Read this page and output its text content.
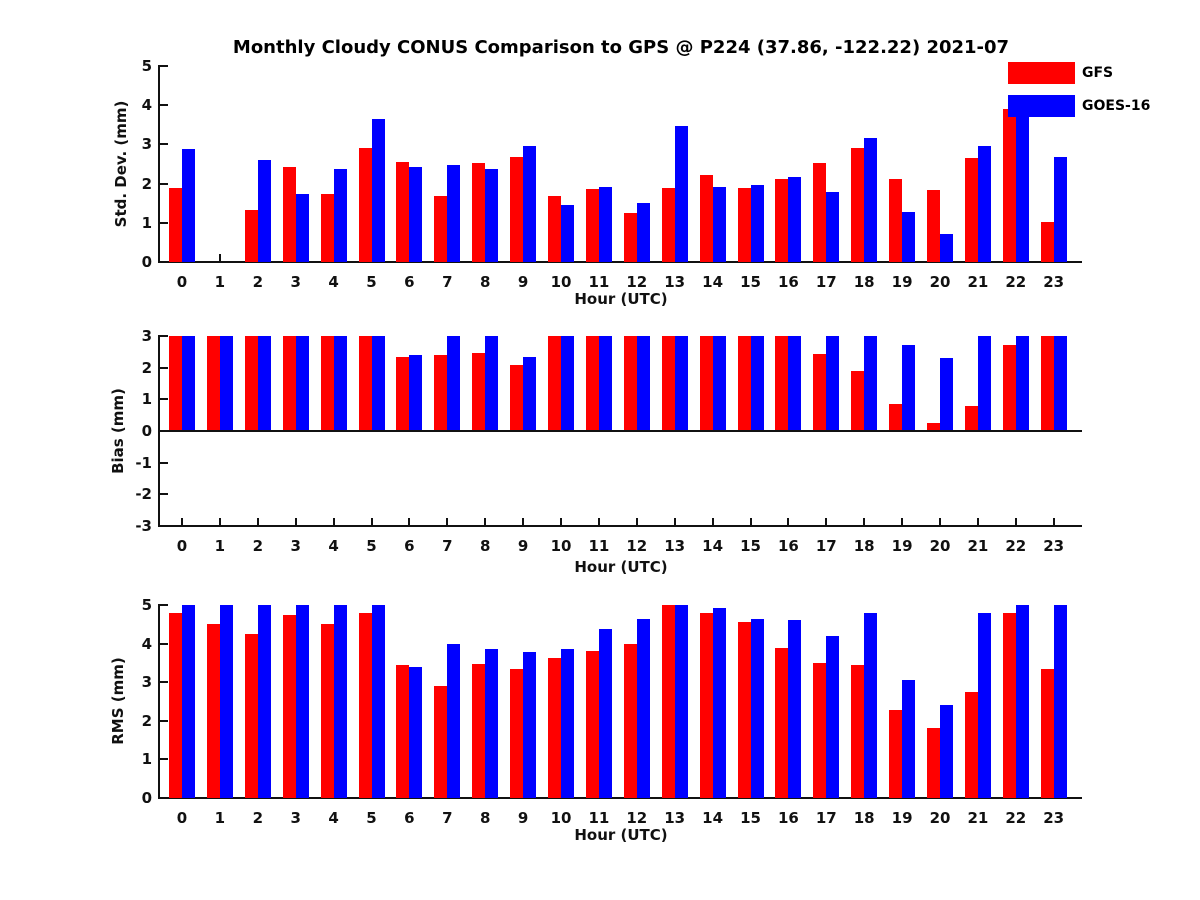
0
1
2
3
4
5
0	1	2	3	4	5	6	7	8	9	10	11	12	13	14	15	16	17	18	19	20	21	22	23
-3
-2
-1
0
1
2
3
0	1	2	3	4	5	6	7	8	9	10	11	12	13	14	15	16	17	18	19	20	21	22	23
0
1
2
3
4
5
0	1	2	3	4	5	6	7	8	9	10	11	12	13	14	15	16	17	18	19	20	21	22	23
Monthly Cloudy CONUS Comparison to GPS @ P224 (37.86, -122.22) 2021-07
Std. Dev. (mm)
Bias (mm)
RMS (mm)
Hour (UTC)
Hour (UTC)
Hour (UTC)
GFS
GOES-16
